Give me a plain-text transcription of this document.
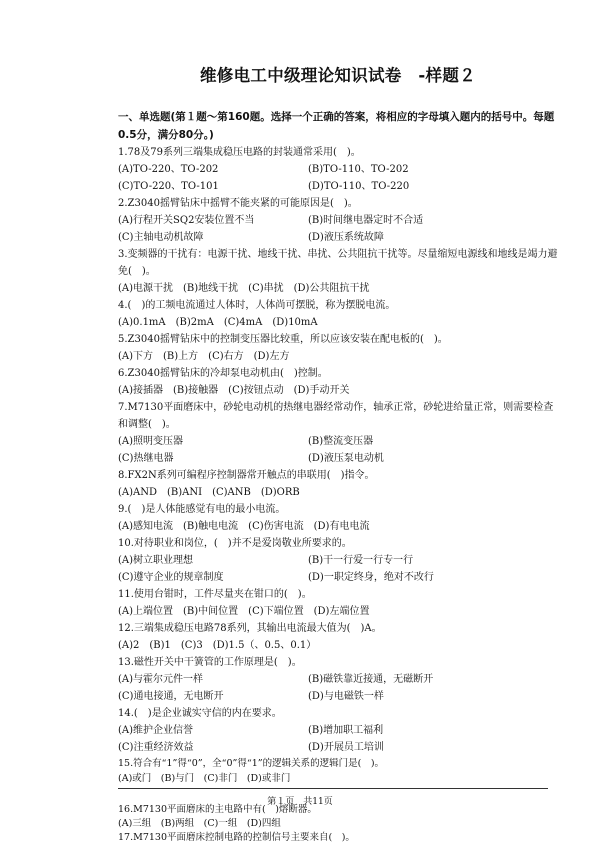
维修电工中级理论知识试卷　-样题２
一、单选题(第１题～第160题。选择一个正确的答案，将相应的字母填入题内的括号中。每题0.5分，满分80分。)
1.78及79系列三端集成稳压电路的封装通常采用(　)。
(A)TO-220、TO-202	(B)TO-110、TO-202
(C)TO-220、TO-101	(D)TO-110、TO-220
2.Z3040摇臂钻床中摇臂不能夹紧的可能原因是(　)。
(A)行程开关SQ2安装位置不当	(B)时间继电器定时不合适
(C)主轴电动机故障	(D)液压系统故障
3.变频器的干扰有：电源干扰、地线干扰、串扰、公共阻抗干扰等。尽量缩短电源线和地线是竭力避免(　)。
(A)电源干扰　(B)地线干扰　(C)串扰　(D)公共阻抗干扰
4.(　)的工频电流通过人体时，人体尚可摆脱，称为摆脱电流。
(A)0.1mA　(B)2mA　(C)4mA　(D)10mA
5.Z3040摇臂钻床中的控制变压器比较重，所以应该安装在配电板的(　)。
(A)下方　(B)上方　(C)右方　(D)左方
6.Z3040摇臂钻床的冷却泵电动机由(　)控制。
(A)接插器　(B)接触器　(C)按钮点动　(D)手动开关
7.M7130平面磨床中，砂轮电动机的热继电器经常动作，轴承正常，砂轮进给量正常，则需要检查和调整(　)。
(A)照明变压器	(B)整流变压器
(C)热继电器	(D)液压泵电动机
8.FX2N系列可编程序控制器常开触点的串联用(　)指令。
(A)AND　(B)ANI　(C)ANB　(D)ORB
9.(　)是人体能感觉有电的最小电流。
(A)感知电流　(B)触电电流　(C)伤害电流　(D)有电电流
10.对待职业和岗位，(　)并不是爱岗敬业所要求的。
(A)树立职业理想	(B)干一行爱一行专一行
(C)遵守企业的规章制度	(D)一职定终身，绝对不改行
11.使用台钳时，工件尽量夹在钳口的(　)。
(A)上端位置　(B)中间位置　(C)下端位置　(D)左端位置
12.三端集成稳压电路78系列，其输出电流最大值为(　)A。
(A)2　(B)1　(C)3　(D)1.5（、0.5、0.1）
13.磁性开关中干簧管的工作原理是(　)。
(A)与霍尔元件一样	(B)磁铁靠近接通，无磁断开
(C)通电接通，无电断开	(D)与电磁铁一样
14.(　)是企业诚实守信的内在要求。
(A)维护企业信誉	(B)增加职工福利
(C)注重经济效益	(D)开展员工培训
15.符合有“1”得“0”，全“0”得“1”的逻辑关系的逻辑门是(　)。
(A)或门　(B)与门　(C)非门　(D)或非门
第１页　共11页
16.M7130平面磨床的主电路中有(　)熔断器。
(A)三组　(B)两组　(C)一组　(D)四组
17.M7130平面磨床控制电路的控制信号主要来自(　)。
